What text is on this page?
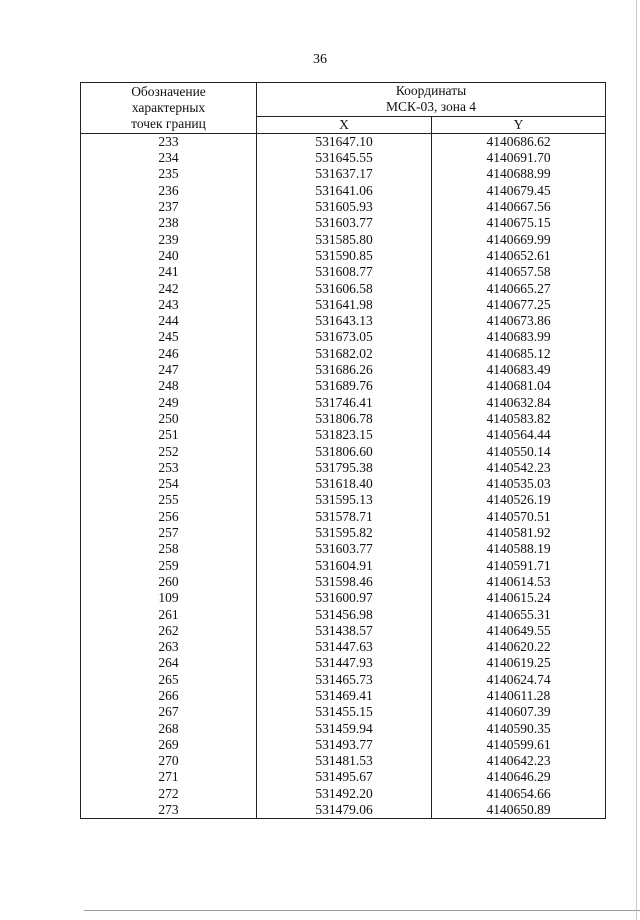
36
Обозначение
характерных
точек границ	Координаты
МСК-03, зона 4	
	X	Y
233	531647.10	4140686.62
234	531645.55	4140691.70
235	531637.17	4140688.99
236	531641.06	4140679.45
237	531605.93	4140667.56
238	531603.77	4140675.15
239	531585.80	4140669.99
240	531590.85	4140652.61
241	531608.77	4140657.58
242	531606.58	4140665.27
243	531641.98	4140677.25
244	531643.13	4140673.86
245	531673.05	4140683.99
246	531682.02	4140685.12
247	531686.26	4140683.49
248	531689.76	4140681.04
249	531746.41	4140632.84
250	531806.78	4140583.82
251	531823.15	4140564.44
252	531806.60	4140550.14
253	531795.38	4140542.23
254	531618.40	4140535.03
255	531595.13	4140526.19
256	531578.71	4140570.51
257	531595.82	4140581.92
258	531603.77	4140588.19
259	531604.91	4140591.71
260	531598.46	4140614.53
109	531600.97	4140615.24
261	531456.98	4140655.31
262	531438.57	4140649.55
263	531447.63	4140620.22
264	531447.93	4140619.25
265	531465.73	4140624.74
266	531469.41	4140611.28
267	531455.15	4140607.39
268	531459.94	4140590.35
269	531493.77	4140599.61
270	531481.53	4140642.23
271	531495.67	4140646.29
272	531492.20	4140654.66
273	531479.06	4140650.89
